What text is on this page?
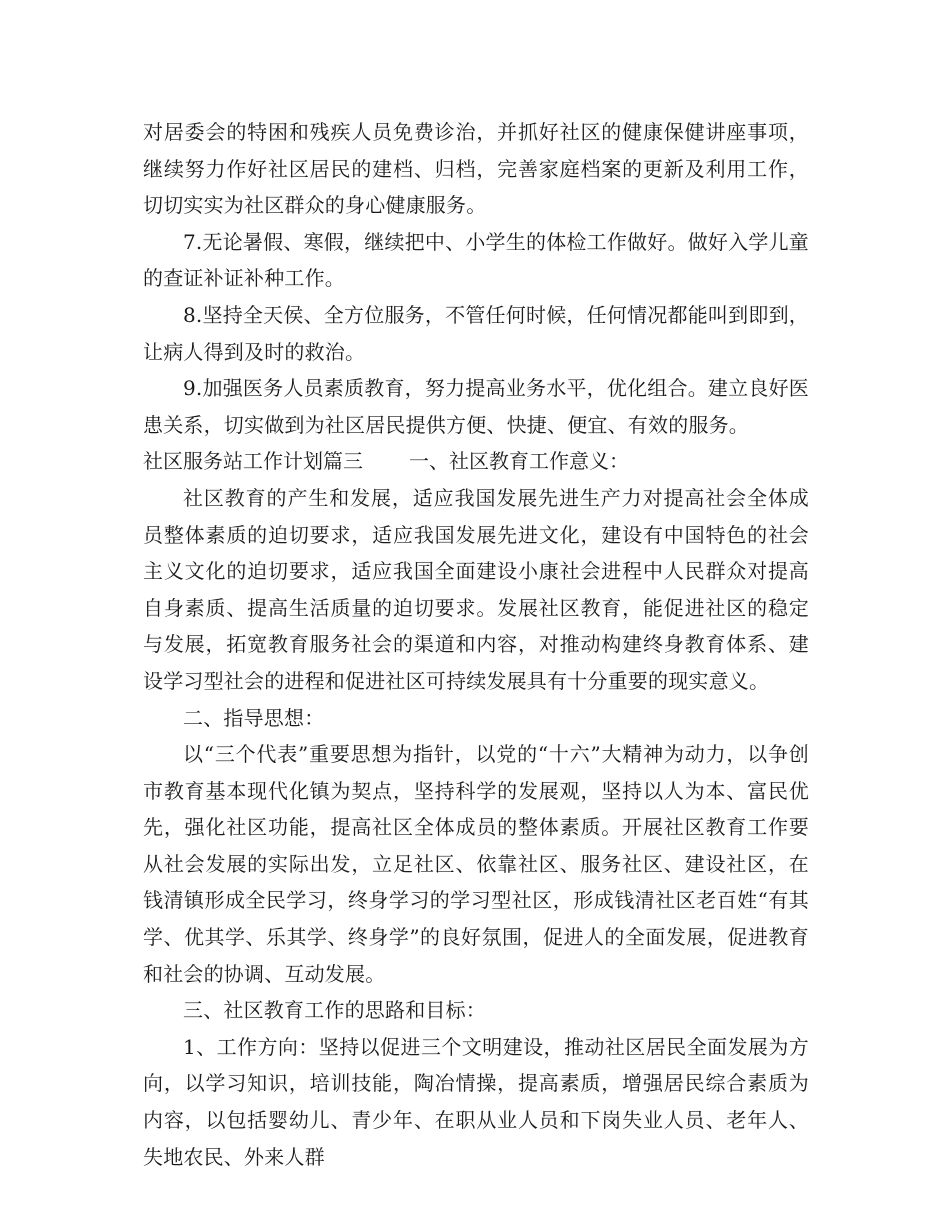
对居委会的特困和残疾人员免费诊治，并抓好社区的健康保健讲座事项，继续努力作好社区居民的建档、归档，完善家庭档案的更新及利用工作，切切实实为社区群众的身心健康服务。

7.无论暑假、寒假，继续把中、小学生的体检工作做好。做好入学儿童的查证补证补种工作。

8.坚持全天侯、全方位服务，不管任何时候，任何情况都能叫到即到，让病人得到及时的救治。

9.加强医务人员素质教育，努力提高业务水平，优化组合。建立良好医患关系，切实做到为社区居民提供方便、快捷、便宜、有效的服务。

社区服务站工作计划篇三 一、社区教育工作意义：

社区教育的产生和发展，适应我国发展先进生产力对提高社会全体成员整体素质的迫切要求，适应我国发展先进文化，建设有中国特色的社会主义文化的迫切要求，适应我国全面建设小康社会进程中人民群众对提高自身素质、提高生活质量的迫切要求。发展社区教育，能促进社区的稳定与发展，拓宽教育服务社会的渠道和内容，对推动构建终身教育体系、建设学习型社会的进程和促进社区可持续发展具有十分重要的现实意义。

二、指导思想：

以“三个代表”重要思想为指针，以党的“十六”大精神为动力，以争创市教育基本现代化镇为契点，坚持科学的发展观，坚持以人为本、富民优先，强化社区功能，提高社区全体成员的整体素质。开展社区教育工作要从社会发展的实际出发，立足社区、依靠社区、服务社区、建设社区，在钱清镇形成全民学习，终身学习的学习型社区，形成钱清社区老百姓“有其学、优其学、乐其学、终身学”的良好氛围，促进人的全面发展，促进教育和社会的协调、互动发展。

三、社区教育工作的思路和目标：

1、工作方向：坚持以促进三个文明建设，推动社区居民全面发展为方向，以学习知识，培训技能，陶冶情操，提高素质，增强居民综合素质为内容，以包括婴幼儿、青少年、在职从业人员和下岗失业人员、老年人、失地农民、外来人群
